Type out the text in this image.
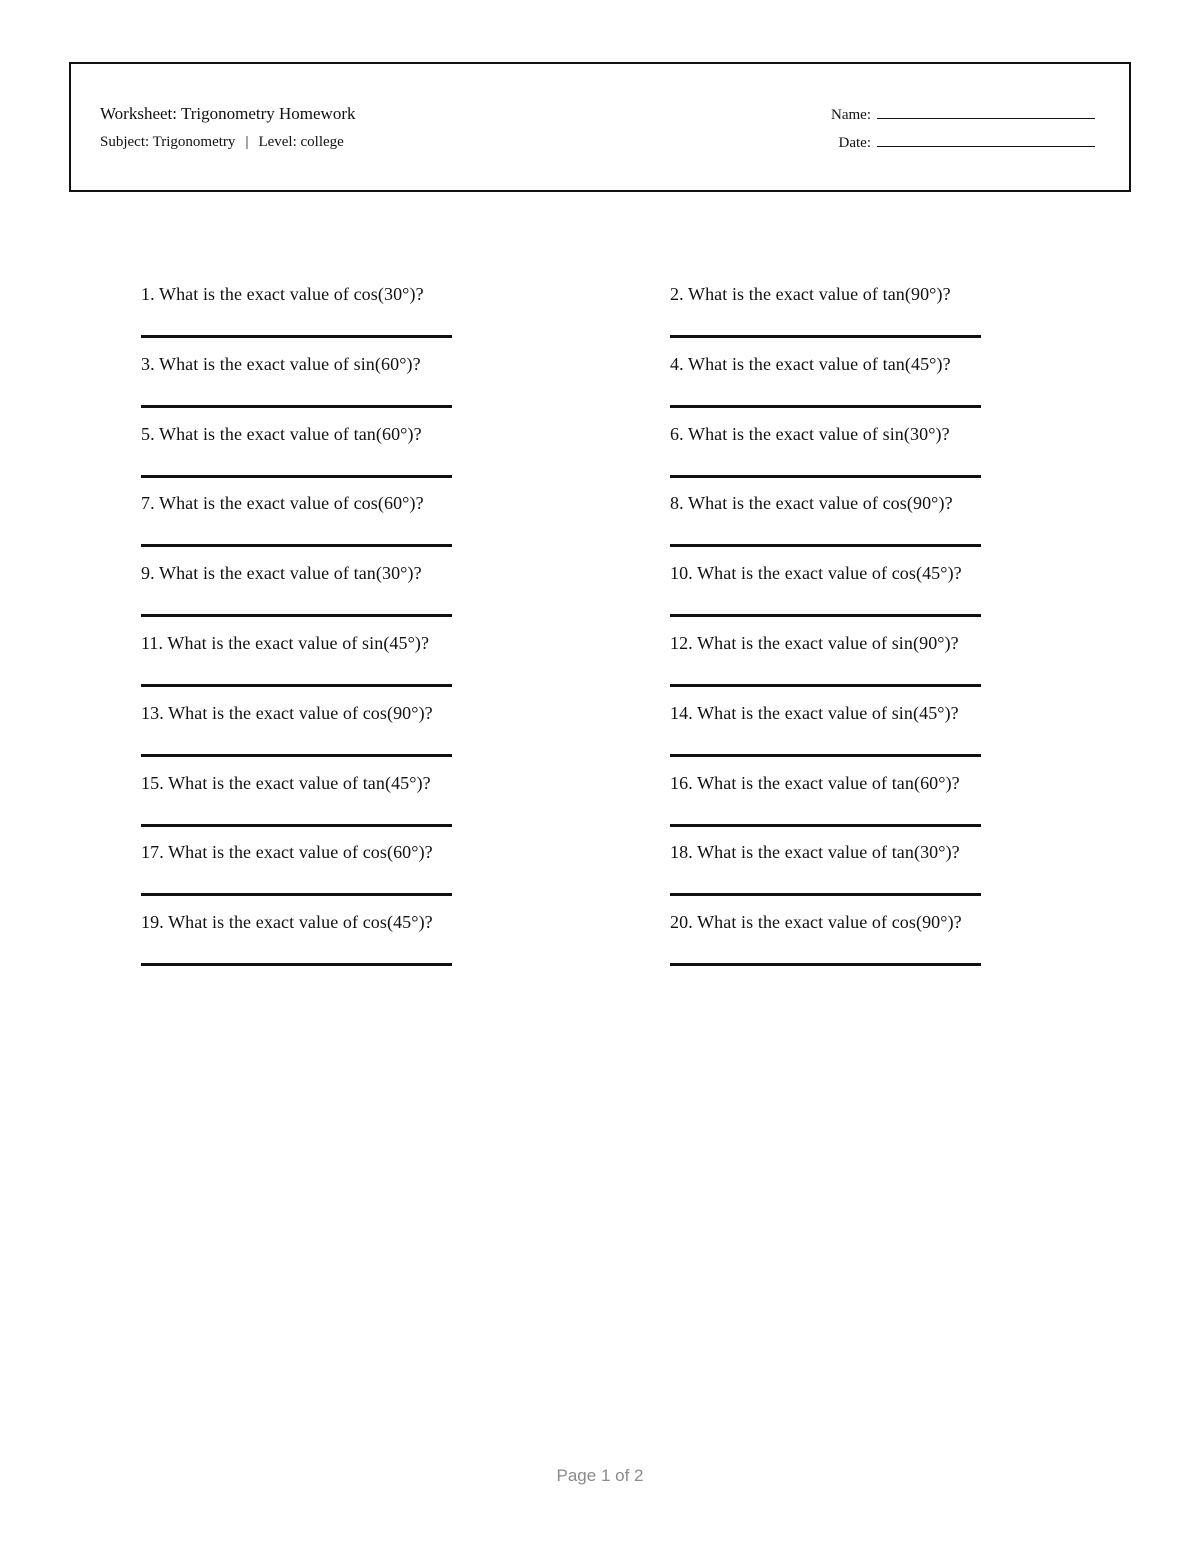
Worksheet: Trigonometry Homework
Subject: Trigonometry | Level: college
Name:
Date:
1. What is the exact value of cos(30°)?	2. What is the exact value of tan(90°)?
3. What is the exact value of sin(60°)?	4. What is the exact value of tan(45°)?
5. What is the exact value of tan(60°)?	6. What is the exact value of sin(30°)?
7. What is the exact value of cos(60°)?	8. What is the exact value of cos(90°)?
9. What is the exact value of tan(30°)?	10. What is the exact value of cos(45°)?
11. What is the exact value of sin(45°)?	12. What is the exact value of sin(90°)?
13. What is the exact value of cos(90°)?	14. What is the exact value of sin(45°)?
15. What is the exact value of tan(45°)?	16. What is the exact value of tan(60°)?
17. What is the exact value of cos(60°)?	18. What is the exact value of tan(30°)?
19. What is the exact value of cos(45°)?	20. What is the exact value of cos(90°)?
Page 1 of 2
